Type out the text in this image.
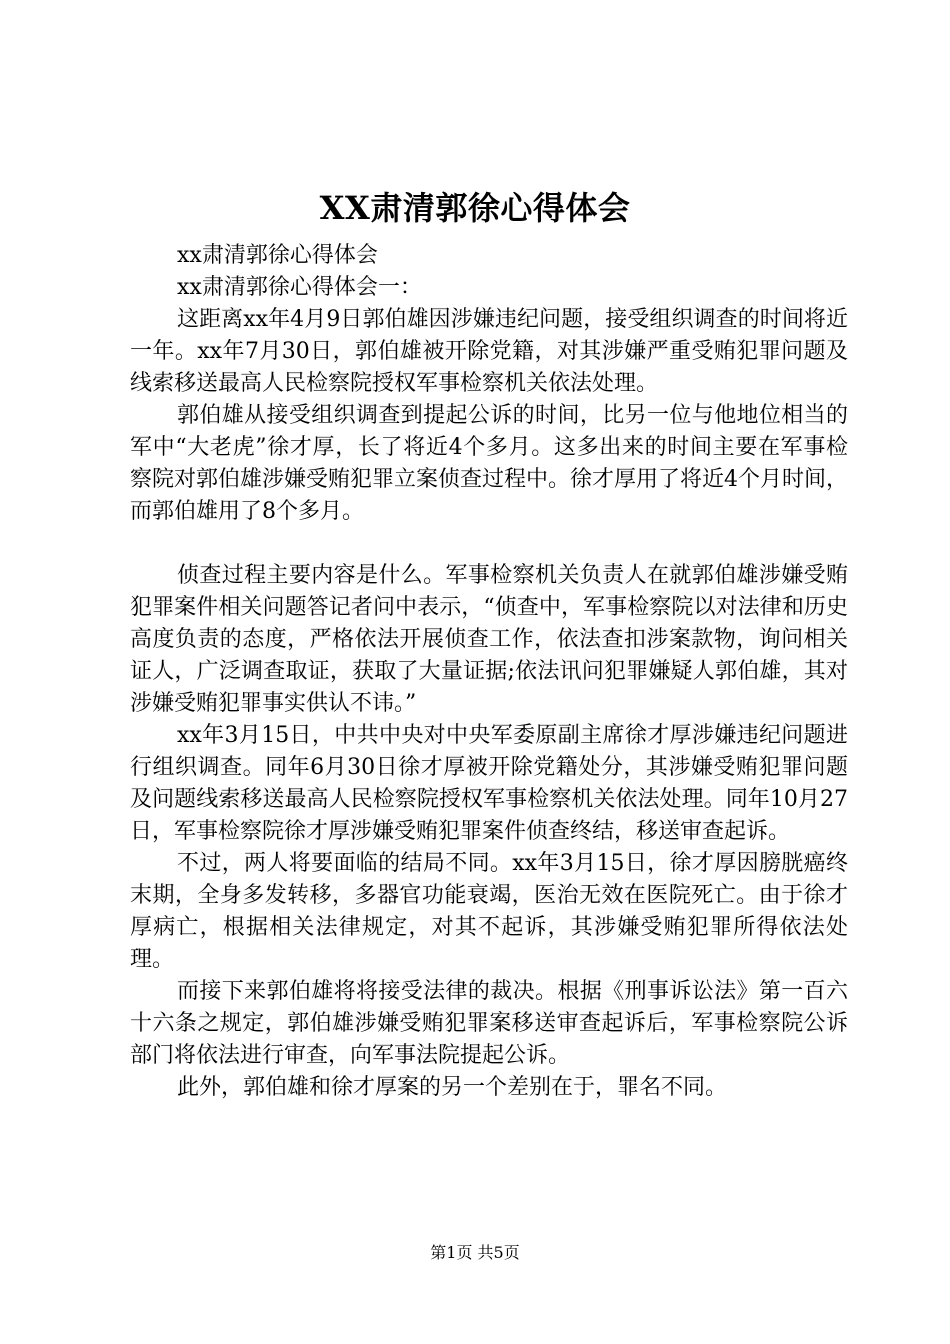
XX肃清郭徐心得体会

xx肃清郭徐心得体会

xx肃清郭徐心得体会一：

这距离xx年4月9日郭伯雄因涉嫌违纪问题，接受组织调查的时间将近一年。xx年7月30日，郭伯雄被开除党籍，对其涉嫌严重受贿犯罪问题及线索移送最高人民检察院授权军事检察机关依法处理。

郭伯雄从接受组织调查到提起公诉的时间，比另一位与他地位相当的军中“大老虎”徐才厚，长了将近4个多月。这多出来的时间主要在军事检察院对郭伯雄涉嫌受贿犯罪立案侦查过程中。徐才厚用了将近4个月时间，而郭伯雄用了8个多月。

侦查过程主要内容是什么。军事检察机关负责人在就郭伯雄涉嫌受贿犯罪案件相关问题答记者问中表示，“侦查中，军事检察院以对法律和历史高度负责的态度，严格依法开展侦查工作，依法查扣涉案款物，询问相关证人，广泛调查取证，获取了大量证据;依法讯问犯罪嫌疑人郭伯雄，其对涉嫌受贿犯罪事实供认不讳。”

xx年3月15日，中共中央对中央军委原副主席徐才厚涉嫌违纪问题进行组织调查。同年6月30日徐才厚被开除党籍处分，其涉嫌受贿犯罪问题及问题线索移送最高人民检察院授权军事检察机关依法处理。同年10月27日，军事检察院徐才厚涉嫌受贿犯罪案件侦查终结，移送审查起诉。

不过，两人将要面临的结局不同。xx年3月15日，徐才厚因膀胱癌终末期，全身多发转移，多器官功能衰竭，医治无效在医院死亡。由于徐才厚病亡，根据相关法律规定，对其不起诉，其涉嫌受贿犯罪所得依法处理。

而接下来郭伯雄将将接受法律的裁决。根据《刑事诉讼法》第一百六十六条之规定，郭伯雄涉嫌受贿犯罪案移送审查起诉后，军事检察院公诉部门将依法进行审查，向军事法院提起公诉。

此外，郭伯雄和徐才厚案的另一个差别在于，罪名不同。

第1页 共5页
